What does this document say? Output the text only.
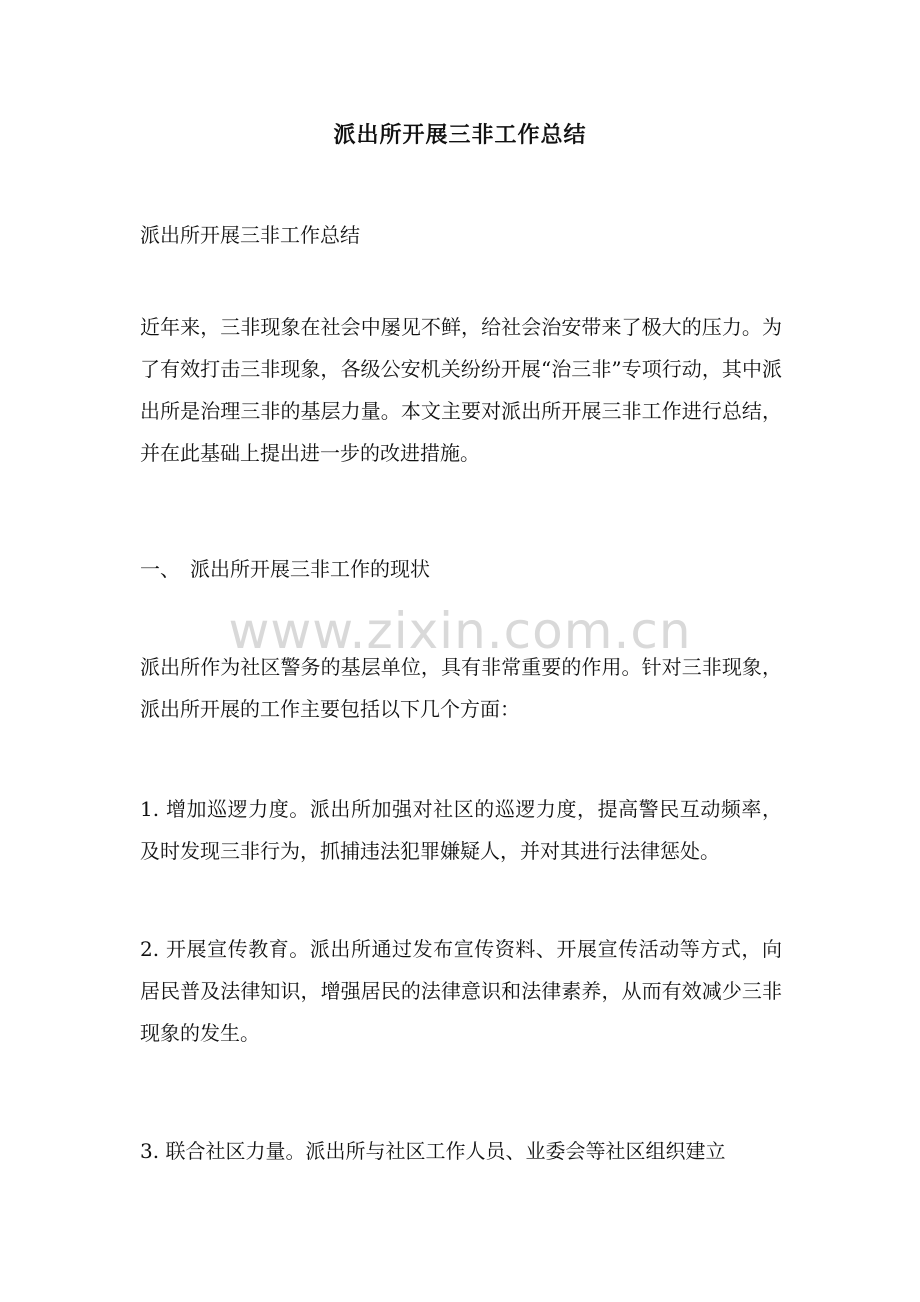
派出所开展三非工作总结

派出所开展三非工作总结

近年来，三非现象在社会中屡见不鲜，给社会治安带来了极大的压力。为了有效打击三非现象，各级公安机关纷纷开展“治三非”专项行动，其中派出所是治理三非的基层力量。本文主要对派出所开展三非工作进行总结，并在此基础上提出进一步的改进措施。

一、　派出所开展三非工作的现状

派出所作为社区警务的基层单位，具有非常重要的作用。针对三非现象，派出所开展的工作主要包括以下几个方面：

1. 增加巡逻力度。派出所加强对社区的巡逻力度，提高警民互动频率，及时发现三非行为，抓捕违法犯罪嫌疑人，并对其进行法律惩处。

2. 开展宣传教育。派出所通过发布宣传资料、开展宣传活动等方式，向居民普及法律知识，增强居民的法律意识和法律素养，从而有效减少三非现象的发生。

3. 联合社区力量。派出所与社区工作人员、业委会等社区组织建立

www.zixin.com.cn
